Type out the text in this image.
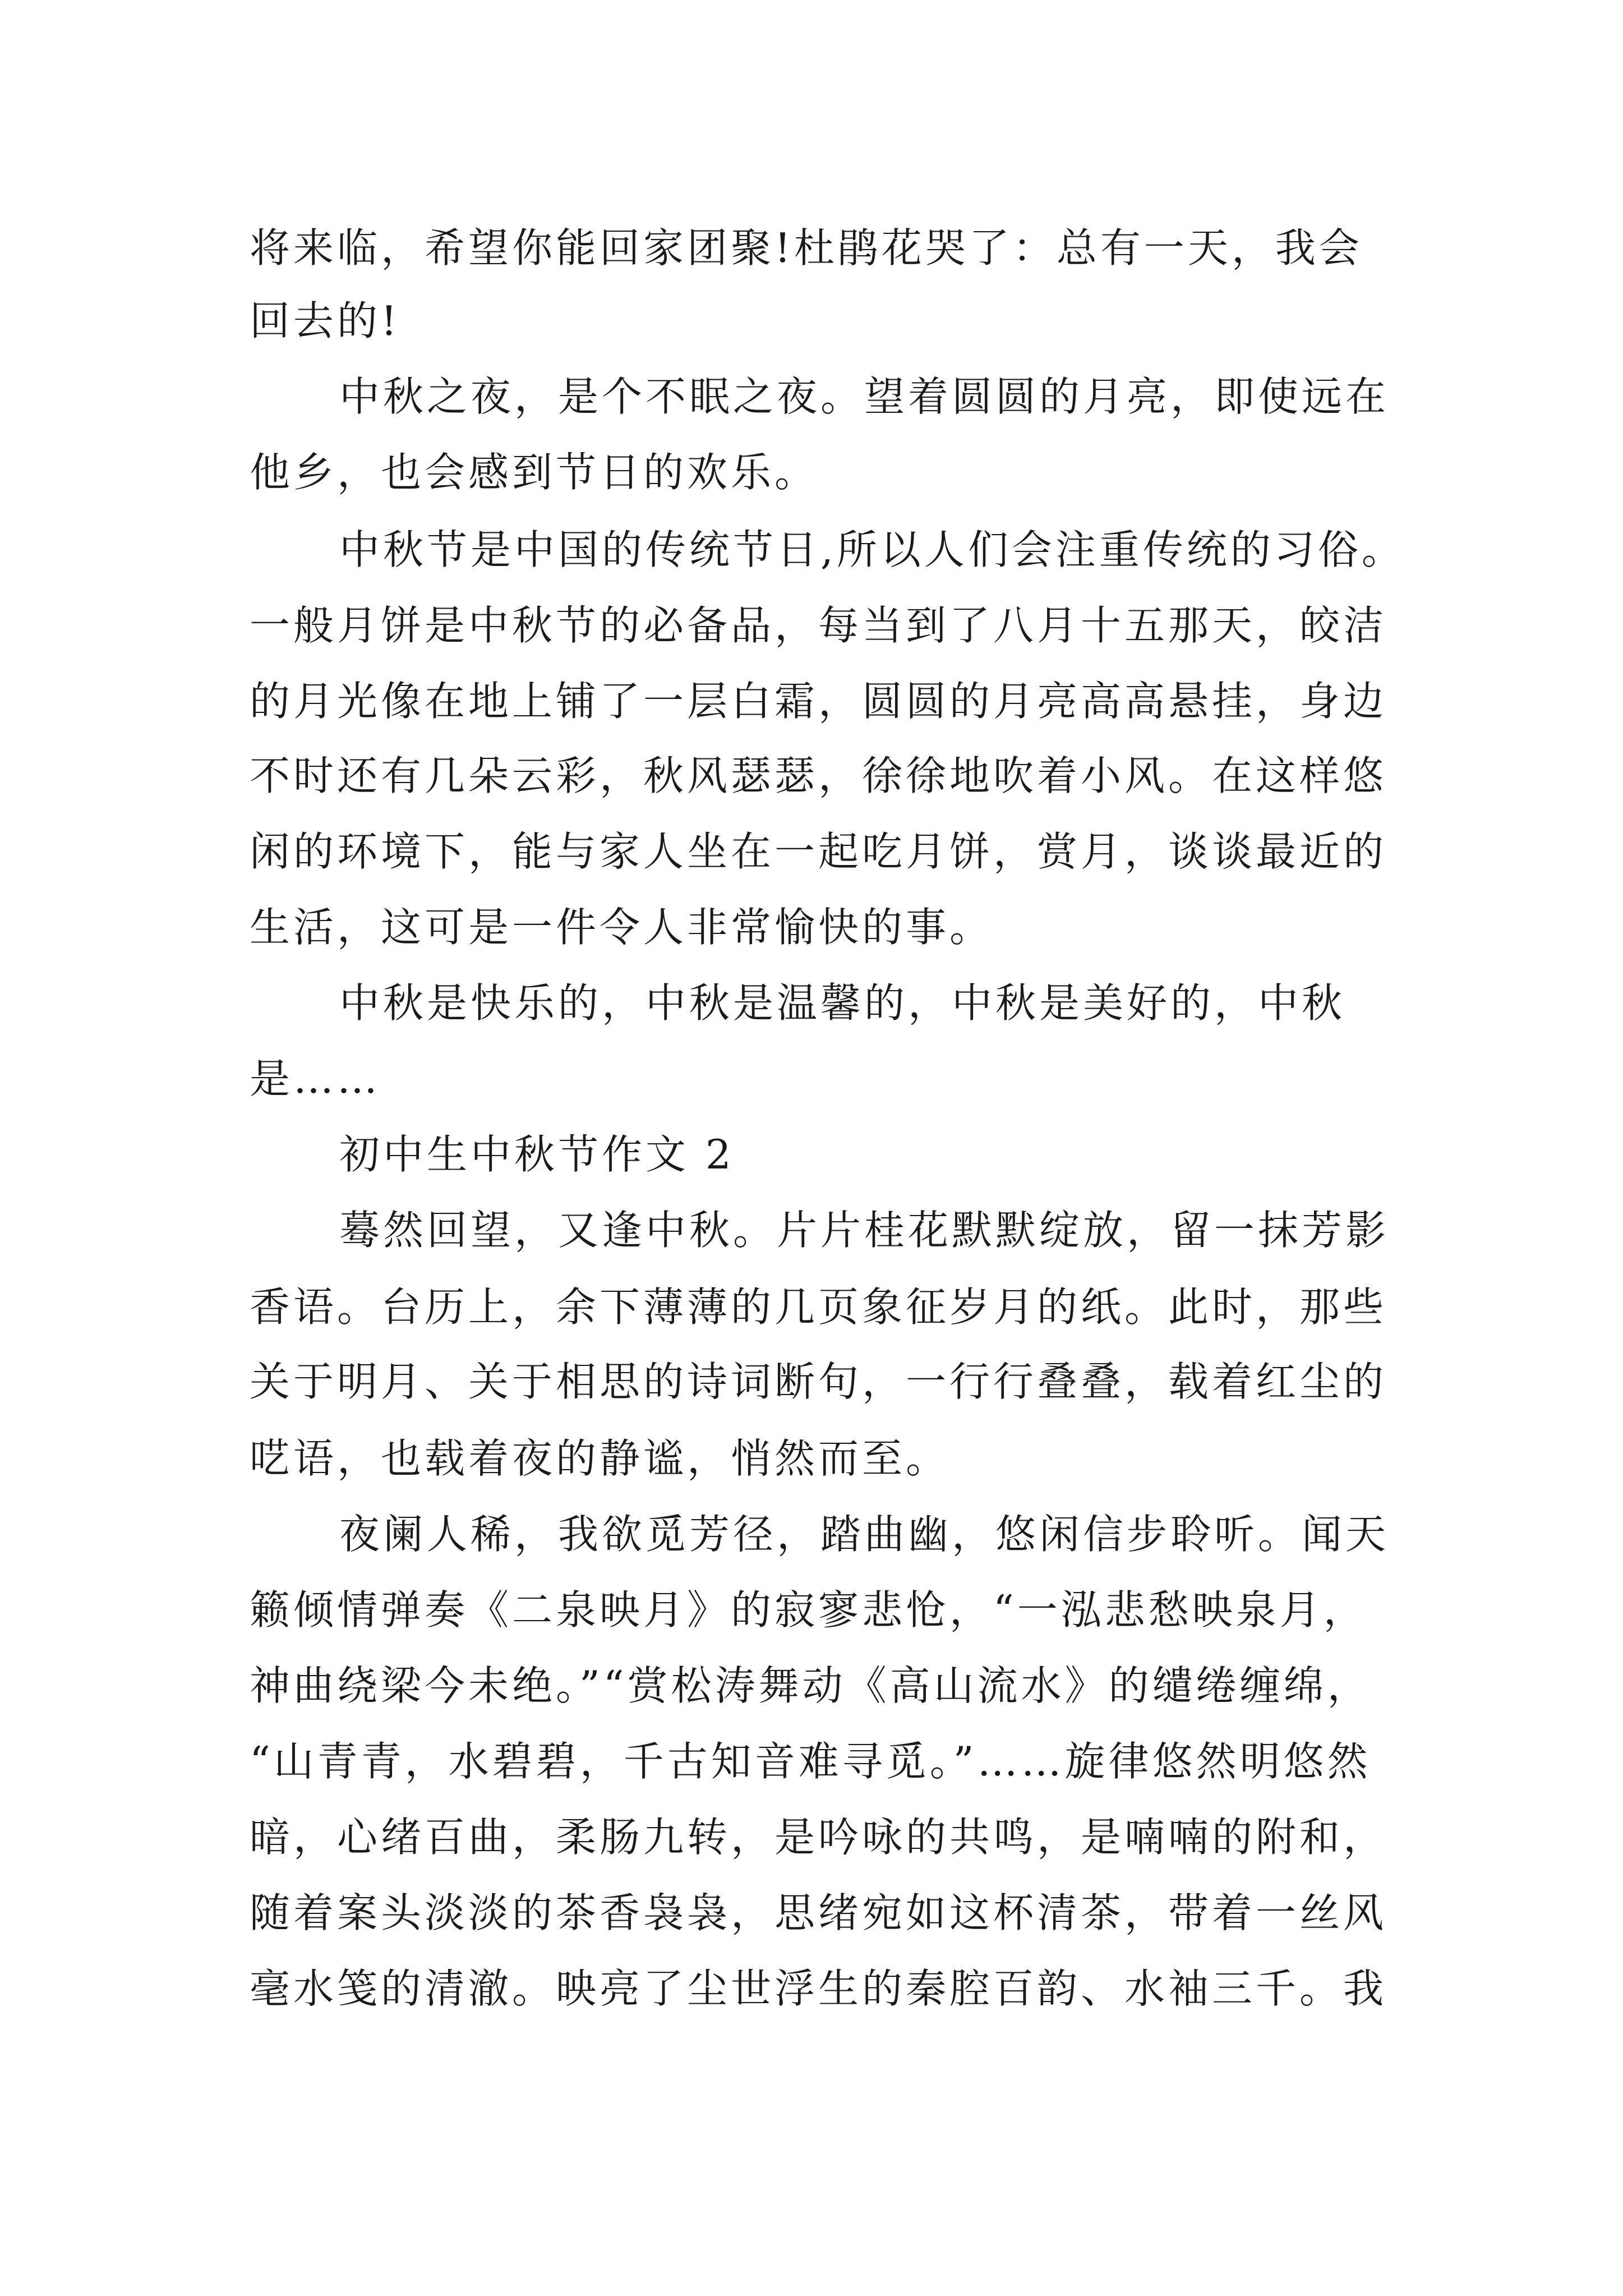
将来临，希望你能回家团聚!杜鹃花哭了：总有一天，我会

回去的!

中秋之夜，是个不眠之夜。望着圆圆的月亮，即使远在

他乡，也会感到节日的欢乐。

中秋节是中国的传统节日,所以人们会注重传统的习俗。

一般月饼是中秋节的必备品，每当到了八月十五那天，皎洁

的月光像在地上铺了一层白霜，圆圆的月亮高高悬挂，身边

不时还有几朵云彩，秋风瑟瑟，徐徐地吹着小风。在这样悠

闲的环境下，能与家人坐在一起吃月饼，赏月，谈谈最近的

生活，这可是一件令人非常愉快的事。

中秋是快乐的，中秋是温馨的，中秋是美好的，中秋

是……

初中生中秋节作文 2

蓦然回望，又逢中秋。片片桂花默默绽放，留一抹芳影

香语。台历上，余下薄薄的几页象征岁月的纸。此时，那些

关于明月、关于相思的诗词断句，一行行叠叠，载着红尘的

呓语，也载着夜的静谧，悄然而至。

夜阑人稀，我欲觅芳径，踏曲幽，悠闲信步聆听。闻天

籁倾情弹奏《二泉映月》的寂寥悲怆，“一泓悲愁映泉月，

神曲绕梁今未绝。”“赏松涛舞动《高山流水》的缱绻缠绵，

“山青青，水碧碧，千古知音难寻觅。”……旋律悠然明悠然

暗，心绪百曲，柔肠九转，是吟咏的共鸣，是喃喃的附和，

随着案头淡淡的茶香袅袅，思绪宛如这杯清茶，带着一丝风

毫水笺的清澈。映亮了尘世浮生的秦腔百韵、水袖三千。我
